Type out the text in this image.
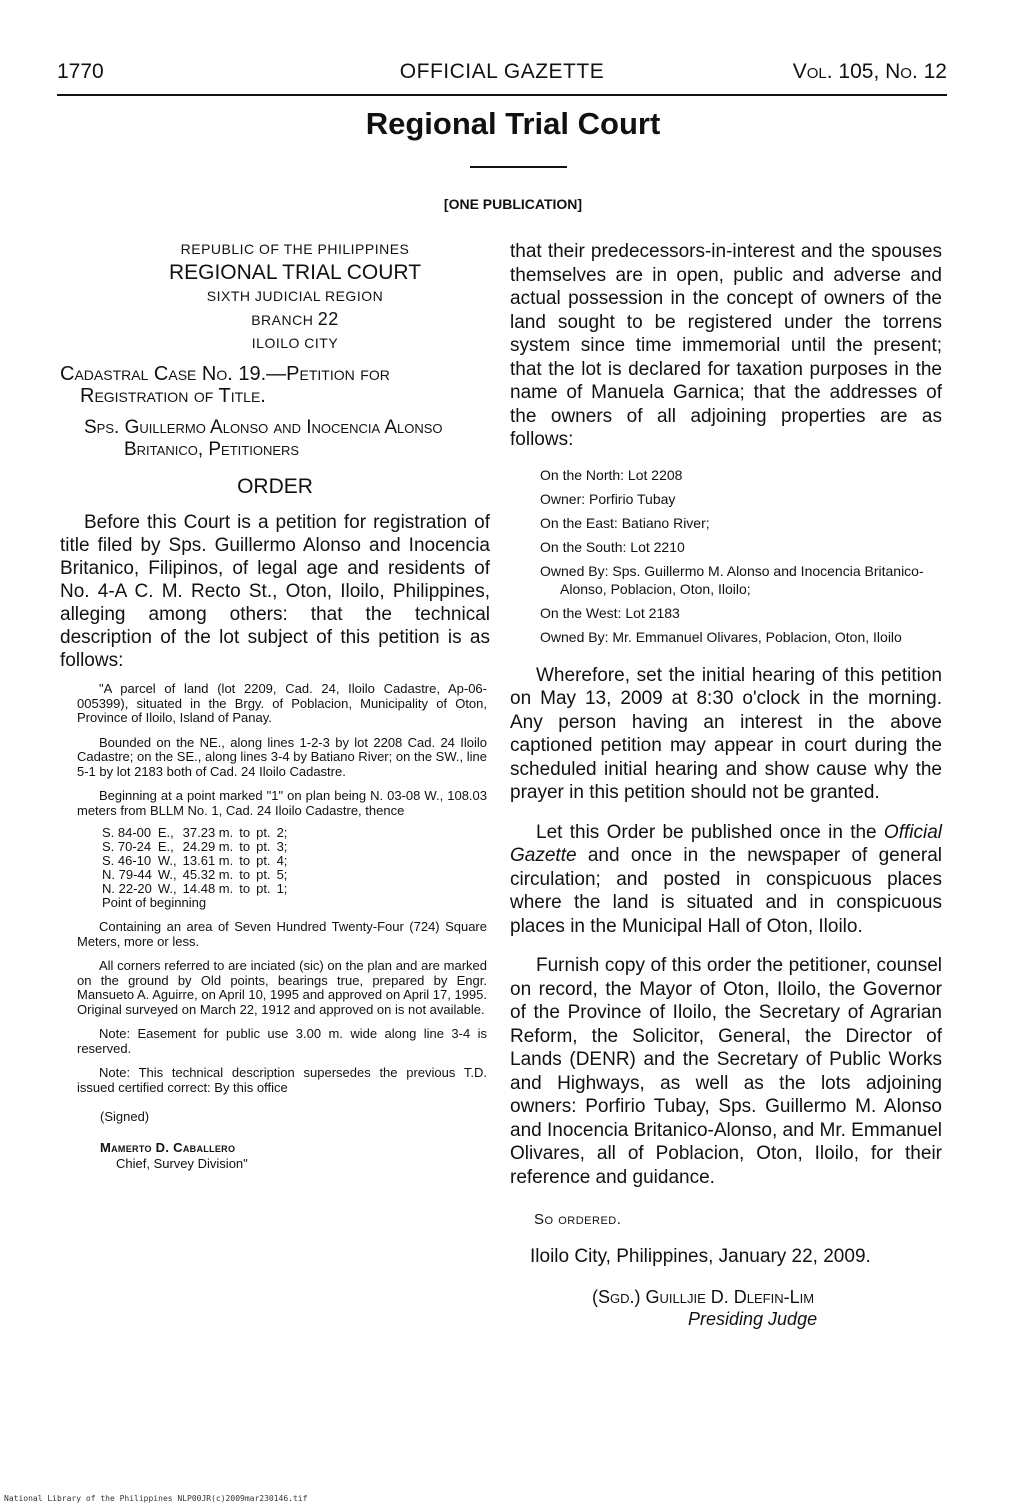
1770	OFFICIAL GAZETTE	Vol. 105, No. 12
Regional Trial Court
[ONE PUBLICATION]
REPUBLIC OF THE PHILIPPINES
REGIONAL TRIAL COURT
SIXTH JUDICIAL REGION
BRANCH 22
ILOILO CITY
Cadastral Case No. 19.—Petition for Registration of Title.
Sps. Guillermo Alonso and Inocencia Alonso Britanico, Petitioners
ORDER

Before this Court is a petition for registration of title filed by Sps. Guillermo Alonso and Inocencia Britanico, Filipinos, of legal age and residents of No. 4-A C. M. Recto St., Oton, Iloilo, Philippines, alleging among others: that the technical description of the lot subject of this petition is as follows:

"A parcel of land (lot 2209, Cad. 24, Iloilo Cadastre, Ap-06-005399), situated in the Brgy. of Poblacion, Municipality of Oton, Province of Iloilo, Island of Panay.

Bounded on the NE., along lines 1-2-3 by lot 2208 Cad. 24 Iloilo Cadastre; on the SE., along lines 3-4 by Batiano River; on the SW., line 5-1 by lot 2183 both of Cad. 24 Iloilo Cadastre.

Beginning at a point marked "1" on plan being N. 03-08 W., 108.03 meters from BLLM No. 1, Cad. 24 Iloilo Cadastre, thence

S. 84-00	E.,	37.23 m.	to	pt.	2;
S. 70-24	E.,	24.29 m.	to	pt.	3;
S. 46-10	W.,	13.61 m.	to	pt.	4;
N. 79-44	W.,	45.32 m.	to	pt.	5;
N. 22-20	W.,	14.48 m.	to	pt.	1;
Point of beginning

Containing an area of Seven Hundred Twenty-Four (724) Square Meters, more or less.

All corners referred to are inciated (sic) on the plan and are marked on the ground by Old points, bearings true, prepared by Engr. Mansueto A. Aguirre, on April 10, 1995 and approved on April 17, 1995. Original surveyed on March 22, 1912 and approved on is not available.

Note: Easement for public use 3.00 m. wide along line 3-4 is reserved.

Note: This technical description supersedes the previous T.D. issued certified correct: By this office

(Signed)
Mamerto D. Caballero
Chief, Survey Division"

that their predecessors-in-interest and the spouses themselves are in open, public and adverse and actual possession in the concept of owners of the land sought to be registered under the torrens system since time immemorial until the present; that the lot is declared for taxation purposes in the name of Manuela Garnica; that the addresses of the owners of all adjoining properties are as follows:

On the North: Lot 2208
Owner: Porfirio Tubay
On the East: Batiano River;
On the South: Lot 2210
Owned By: Sps. Guillermo M. Alonso and Inocencia Britanico-Alonso, Poblacion, Oton, Iloilo;
On the West: Lot 2183
Owned By: Mr. Emmanuel Olivares, Poblacion, Oton, Iloilo

Wherefore, set the initial hearing of this petition on May 13, 2009 at 8:30 o'clock in the morning. Any person having an interest in the above captioned petition may appear in court during the scheduled initial hearing and show cause why the prayer in this petition should not be granted.

Let this Order be published once in the Official Gazette and once in the newspaper of general circulation; and posted in conspicuous places where the land is situated and in conspicuous places in the Municipal Hall of Oton, Iloilo.

Furnish copy of this order the petitioner, counsel on record, the Mayor of Oton, Iloilo, the Governor of the Province of Iloilo, the Secretary of Agrarian Reform, the Solicitor, General, the Director of Lands (DENR) and the Secretary of Public Works and Highways, as well as the lots adjoining owners: Porfirio Tubay, Sps. Guillermo M. Alonso and Inocencia Britanico-Alonso, and Mr. Emmanuel Olivares, all of Poblacion, Oton, Iloilo, for their reference and guidance.

So ordered.
Iloilo City, Philippines, January 22, 2009.
(Sgd.) Guilljie D. Dlefin-Lim
Presiding Judge
National Library of the Philippines NLP00JR(c)2009mar230146.tif
